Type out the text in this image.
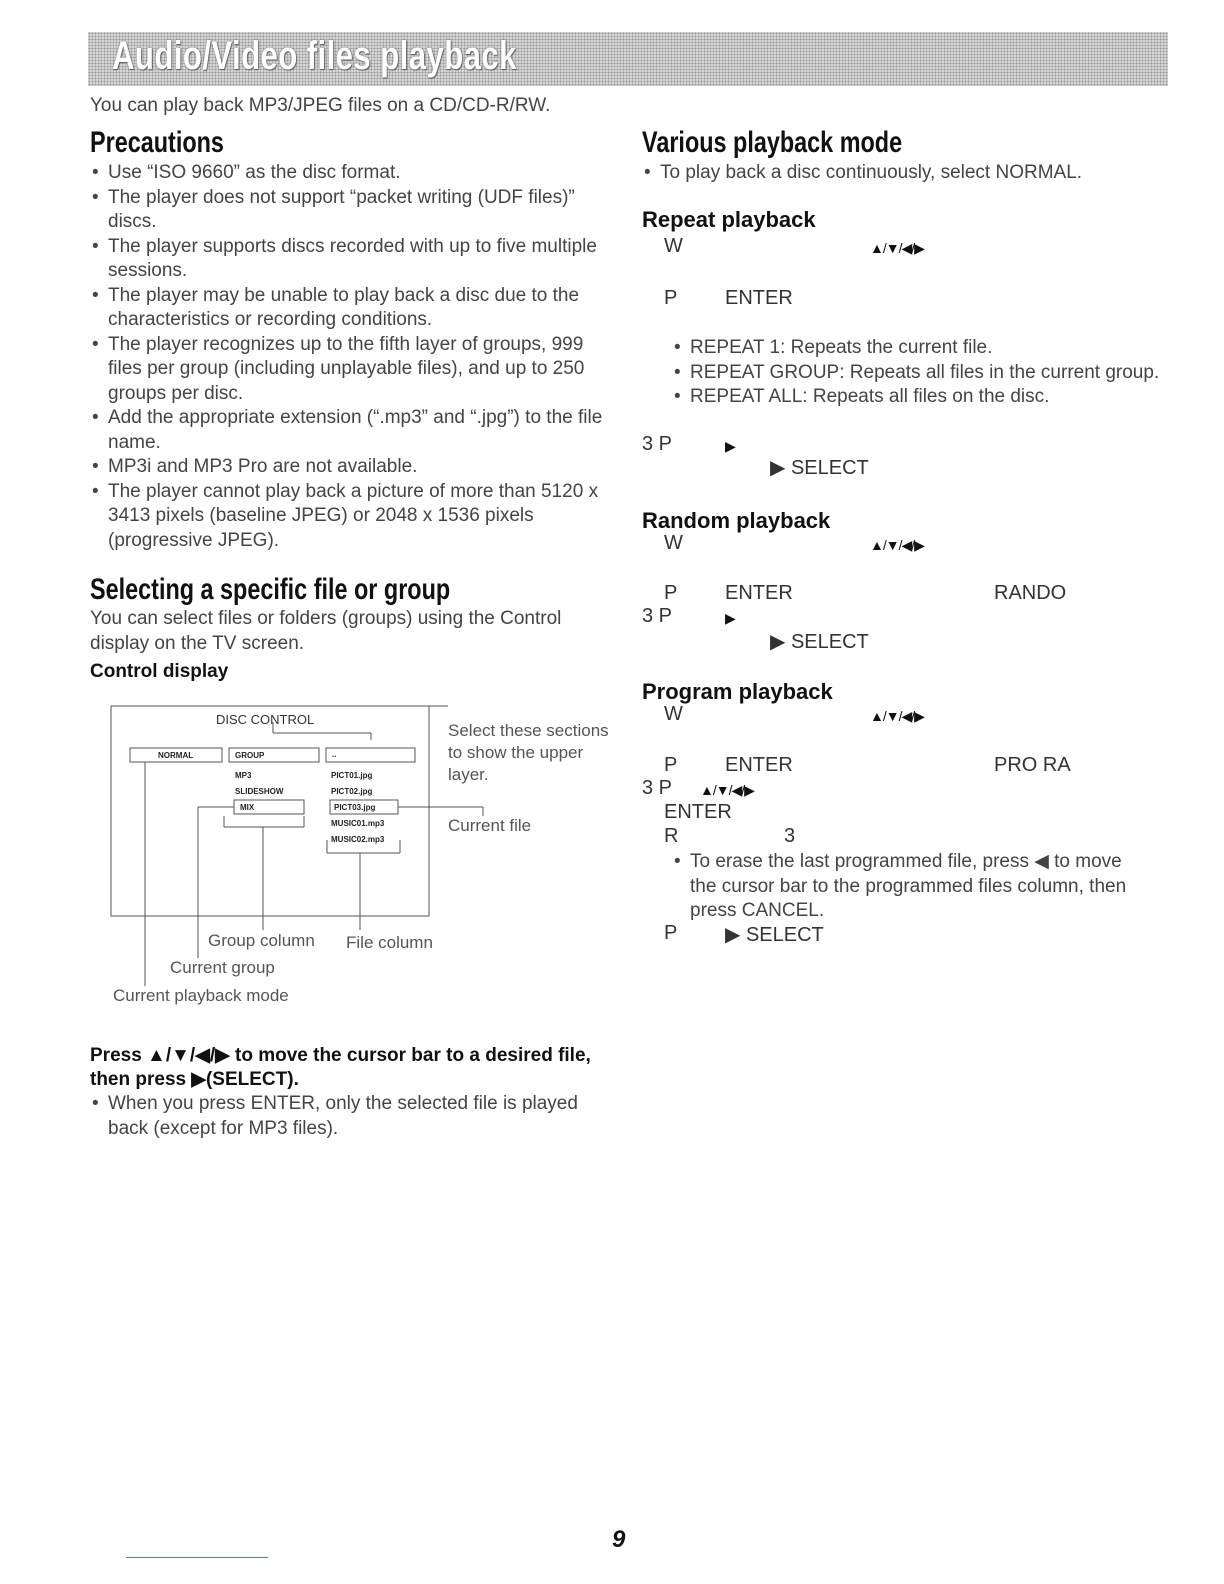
Audio/Video files playback
You can play back MP3/JPEG files on a CD/CD-R/RW.
Precautions
• Use “ISO 9660” as the disc format.
• The player does not support “packet writing (UDF files)” discs.
• The player supports discs recorded with up to five multiple sessions.
• The player may be unable to play back a disc due to the characteristics or recording conditions.
• The player recognizes up to the fifth layer of groups, 999 files per group (including unplayable files), and up to 250 groups per disc.
• Add the appropriate extension (“.mp3” and “.jpg”) to the file name.
• MP3i and MP3 Pro are not available.
• The player cannot play back a picture of more than 5120 x 3413 pixels (baseline JPEG) or 2048 x 1536 pixels (progressive JPEG).
Selecting a specific file or group
You can select files or folders (groups) using the Control display on the TV screen.
Control display
DISC CONTROL
NORMAL	GROUP	..
MP3
SLIDESHOW
MIX
PICT01.jpg
PICT02.jpg
PICT03.jpg
MUSIC01.mp3
MUSIC02.mp3
Select these sections to show the upper layer.
Current file
Group column File column
Current group
Current playback mode
Press ▲/▼/◀/▶ to move the cursor bar to a desired file, then press ▶(SELECT).
• When you press ENTER, only the selected file is played back (except for MP3 files).
Various playback mode
• To play back a disc continuously, select NORMAL.
Repeat playback
W	▲/▼/◀/▶
P ENTER
• REPEAT 1: Repeats the current file.
• REPEAT GROUP: Repeats all files in the current group.
• REPEAT ALL: Repeats all files on the disc.
3 P	▶
▶ SELECT
Random playback
W	▲/▼/◀/▶
P ENTER	RANDO
3 P	▶
▶ SELECT
Program playback
W	▲/▼/◀/▶
P ENTER	PRO RA
3 P ▲/▼/◀/▶
ENTER
R	3
• To erase the last programmed file, press ◀ to move the cursor bar to the programmed files column, then press CANCEL.
P ▶ SELECT
9
